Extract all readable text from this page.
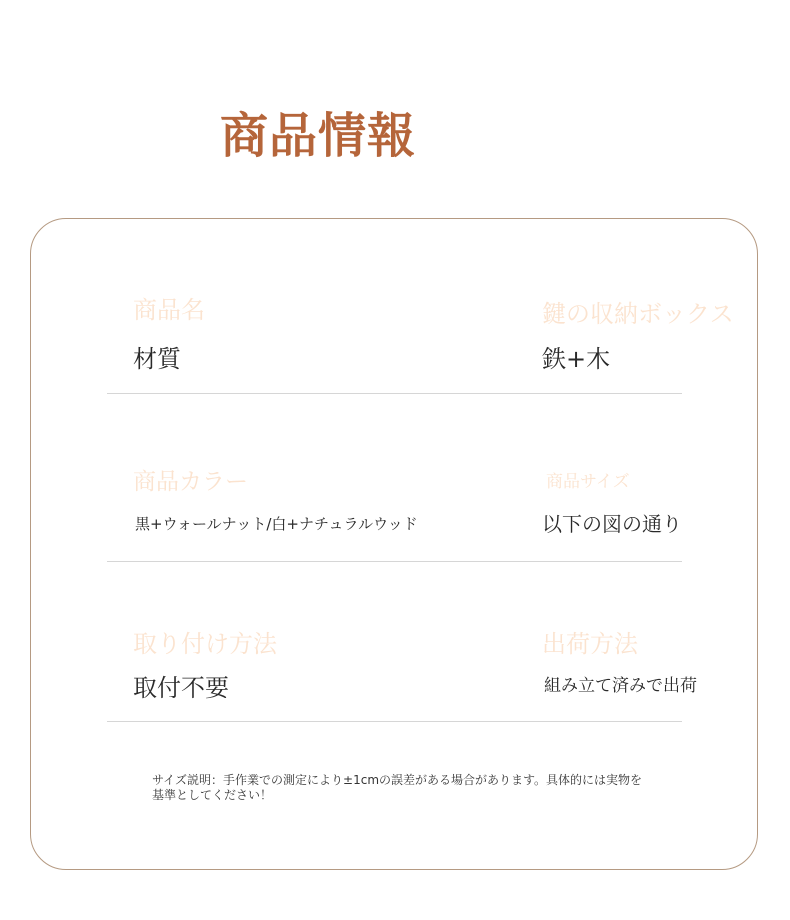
商品情報
商品名	鍵の収納ボックス
材質	鉄+木
商品カラー	商品サイズ
黒+ウォールナット/白+ナチュラルウッド	以下の図の通り
取り付け方法	出荷方法
取付不要	組み立て済みで出荷
サイズ説明：手作業での測定により±1cmの誤差がある場合があります。具体的には実物を
基準としてください！
